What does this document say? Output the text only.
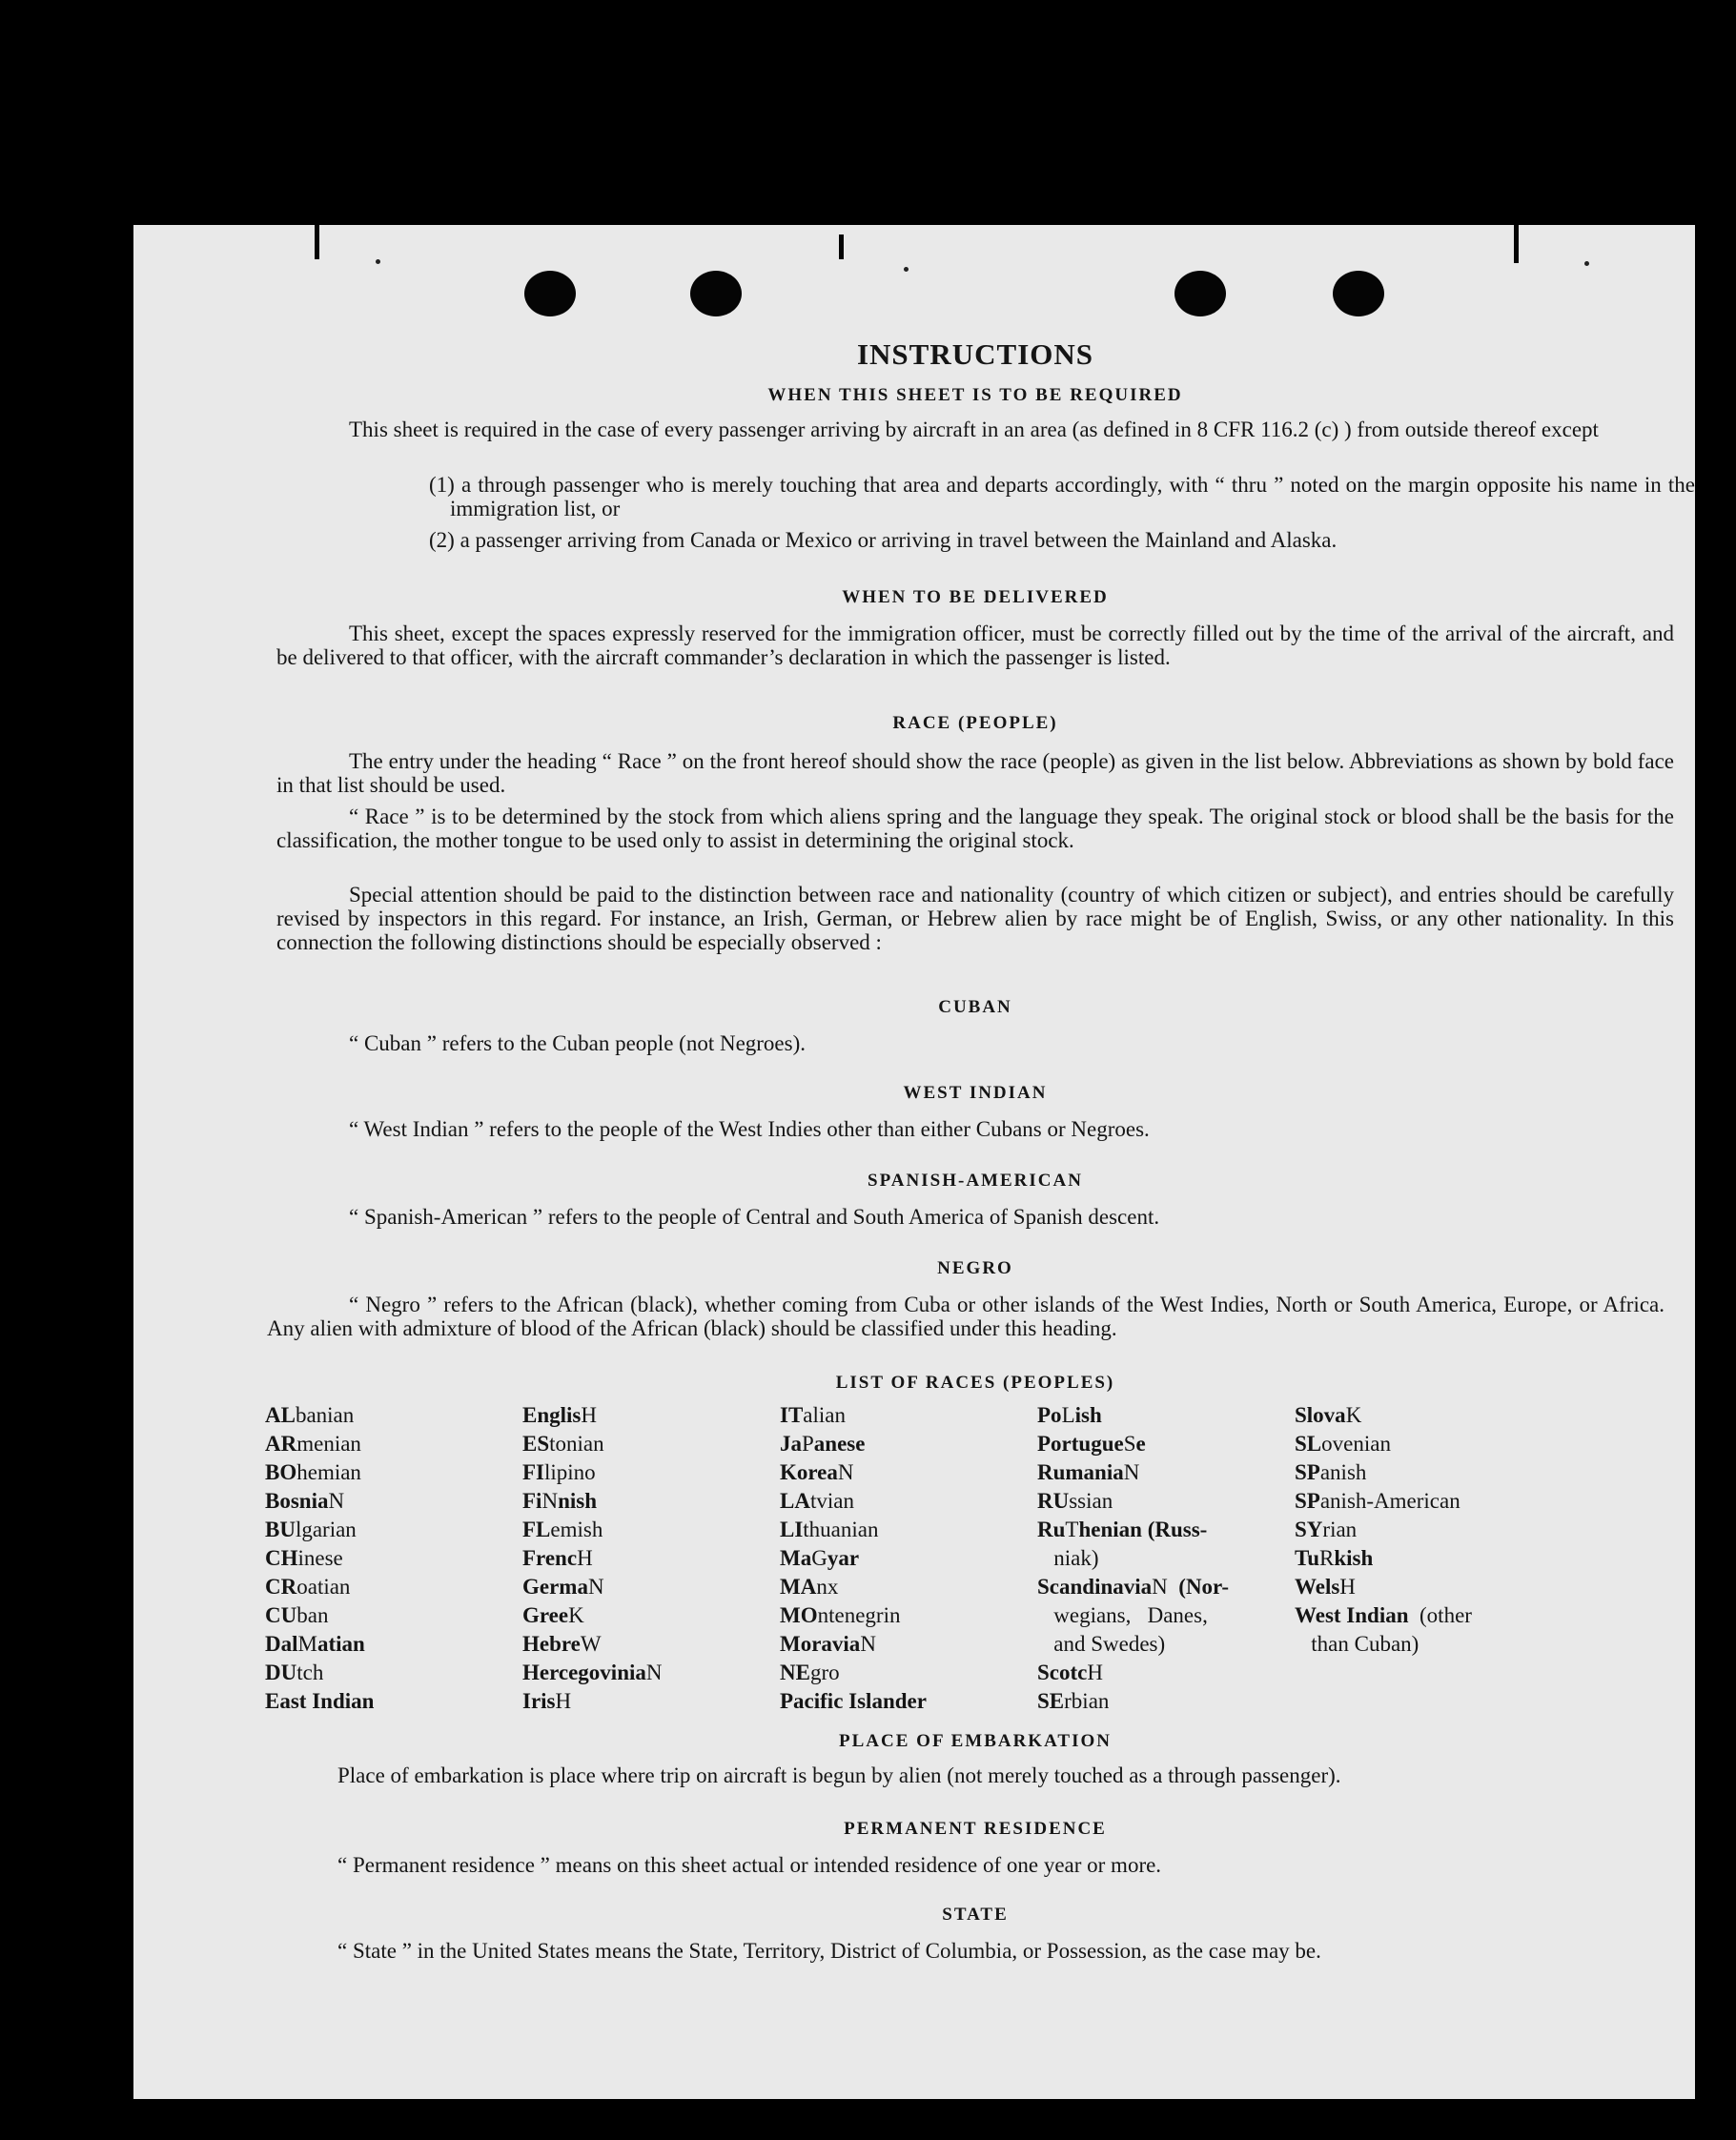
INSTRUCTIONS
WHEN THIS SHEET IS TO BE REQUIRED
This sheet is required in the case of every passenger arriving by aircraft in an area (as defined in 8 CFR 116.2 (c) ) from outside thereof except
(1) a through passenger who is merely touching that area and departs accordingly, with “ thru ” noted on the margin opposite his name in the immigration list, or
(2) a passenger arriving from Canada or Mexico or arriving in travel between the Mainland and Alaska.
WHEN TO BE DELIVERED
This sheet, except the spaces expressly reserved for the immigration officer, must be correctly filled out by the time of the arrival of the aircraft, and be delivered to that officer, with the aircraft commander’s declaration in which the passenger is listed.
RACE (PEOPLE)
The entry under the heading “ Race ” on the front hereof should show the race (people) as given in the list below. Abbreviations as shown by bold face in that list should be used.
“ Race ” is to be determined by the stock from which aliens spring and the language they speak. The original stock or blood shall be the basis for the classification, the mother tongue to be used only to assist in determining the original stock.
Special attention should be paid to the distinction between race and nationality (country of which citizen or subject), and entries should be carefully revised by inspectors in this regard. For instance, an Irish, German, or Hebrew alien by race might be of English, Swiss, or any other nationality. In this connection the following distinctions should be especially observed :
CUBAN
“ Cuban ” refers to the Cuban people (not Negroes).
WEST INDIAN
“ West Indian ” refers to the people of the West Indies other than either Cubans or Negroes.
SPANISH-AMERICAN
“ Spanish-American ” refers to the people of Central and South America of Spanish descent.
NEGRO
“ Negro ” refers to the African (black), whether coming from Cuba or other islands of the West Indies, North or South America, Europe, or Africa. Any alien with admixture of blood of the African (black) should be classified under this heading.
LIST OF RACES (PEOPLES)
ALbanian
ARmenian
BOhemian
BosniaN
BUlgarian
CHinese
CRoatian
CUban
DalMatian
DUtch
East Indian
EnglisH
EStonian
FIlipino
FiNnish
FLemish
FrencH
GermaN
GreeK
HebreW
HercegoviniaN
IrisH
ITalian
JaPanese
KoreaN
LAtvian
LIthuanian
MaGyar
MAnx
MOntenegrin
MoraviaN
NEgro
Pacific Islander
PoLish
PortugueSe
RumaniaN
RUssian
RuThenian (Russ-
niak)
ScandinaviaN  (Nor-
wegians,   Danes,
and Swedes)
ScotcH
SErbian
SlovaK
SLovenian
SPanish
SPanish-American
SYrian
TuRkish
WelsH
West Indian  (other
than Cuban)
PLACE OF EMBARKATION
Place of embarkation is place where trip on aircraft is begun by alien (not merely touched as a through passenger).
PERMANENT RESIDENCE
“ Permanent residence ” means on this sheet actual or intended residence of one year or more.
STATE
“ State ” in the United States means the State, Territory, District of Columbia, or Possession, as the case may be.
